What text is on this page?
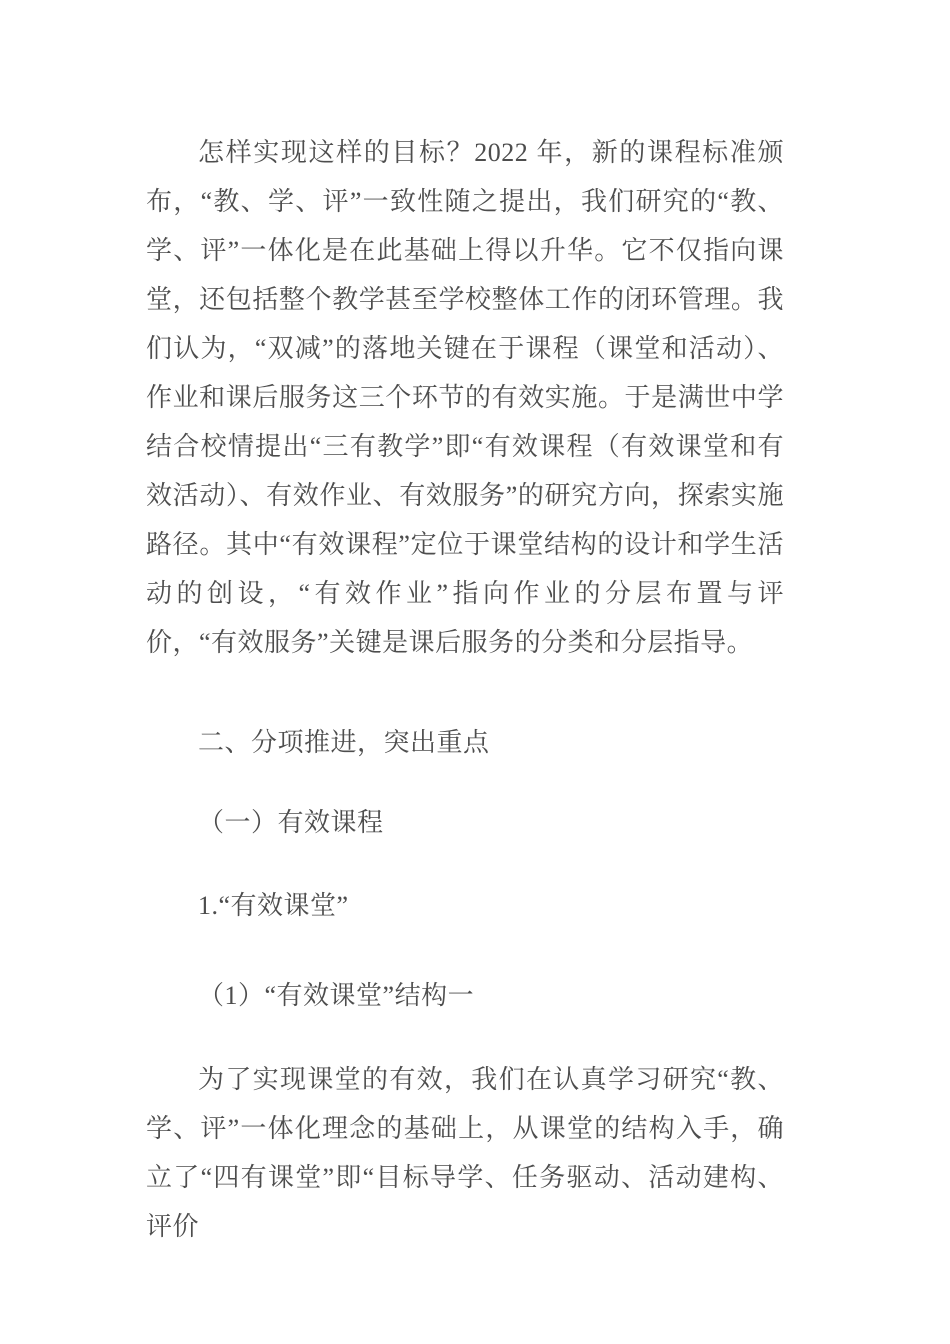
怎样实现这样的目标？2022 年，新的课程标准颁布，“教、学、评”一致性随之提出，我们研究的“教、学、评”一体化是在此基础上得以升华。它不仅指向课堂，还包括整个教学甚至学校整体工作的闭环管理。我们认为，“双减”的落地关键在于课程（课堂和活动）、作业和课后服务这三个环节的有效实施。于是满世中学结合校情提出“三有教学”即“有效课程（有效课堂和有效活动）、有效作业、有效服务”的研究方向，探索实施路径。其中“有效课程”定位于课堂结构的设计和学生活动的创设，“有效作业”指向作业的分层布置与评价，“有效服务”关键是课后服务的分类和分层指导。

二、分项推进，突出重点

（一）有效课程

1.“有效课堂”

（1）“有效课堂”结构一

为了实现课堂的有效，我们在认真学习研究“教、学、评”一体化理念的基础上，从课堂的结构入手，确立了“四有课堂”即“目标导学、任务驱动、活动建构、评价
